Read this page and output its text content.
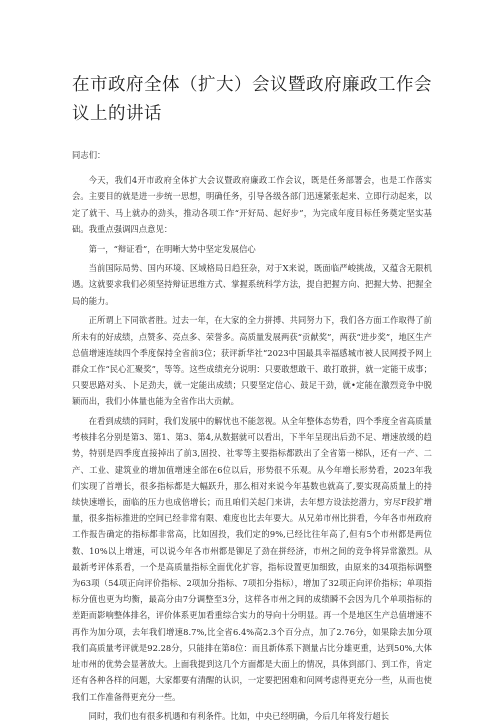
在市政府全体（扩大）会议暨政府廉政工作会议上的讲话

同志们：

今天，我们4开市政府全体扩大会议暨政府廉政工作会议，既是任务部署会，也是工作落实会。主要目的就是进一步统一思想，明确任务，引导各级各部门迅速紧张起来、立即行动起来，以定了就干、马上就办的劲头，推动各项工作“开好局、起好步”，为完成年度目标任务奠定坚实基础。我重点强调四点意见：

第一，“辩证看”，在明晰大势中坚定发展信心

当前国际局势、国内环境、区域格局日趋狂杂，对于X来说，既面临严峻挑战，又蕴含无限机遇。这就要求我们必须坚持辩证思维方式、掌握系统科学方法，提自把握方向、把握大势、把握全局的能力。

正所谓上下同欲者胜。过去一年，在大家的全力拼搏、共同努力下，我们各方面工作取得了前所未有的好成绩，点赞多、亮点多、荣誉多。高质量发展两获“贡献奖”，两获“进步奖”，地区生产总值增速连续四个季度保持全省前3位；获评新华社“2023中国最具幸福感城市被人民网授予网上群众工作“民心汇聚奖”，等等。这些成绩充分说明：只要敢想敢干、敢打敢拼，就一定能干成事；只要思路对头、卜足劲夫，就一定能出成绩；只要坚定信心、鼓足干劲，就•定能在激烈竞争中脱颖而出，我们小体量也能为全省作出大贡献。

在看到成绩的同时，我们发展中的解忧也不能忽视。从全年整体态势看，四个季度全省高质量考核排名分别是第3、第1、第3、第4,从数据就可以看出，下半年呈现出后劲不足、增速放缓的趋势，特别是四季度直接掉出了前3,固投、社零等主要指标都跌出了全省第一梯队，还有一产、二产、工业、建筑业的增加值增速全部在6位以后，形势很不乐观。从今年增长形势看，2023年我们实现了首增长，很多指标都是大幅跃升，那么相对来说今年基数也就高了,要实现高质量上的持续快速增长，面临的压力也成倍增长；而且咱们关起门来讲，去年想方设法挖潜力，穷尽F段扩增量，很多指标推进的空间已经非常有限、难度也比去年要大。从兄弟市州比拼看，今年各市州政府工作报告确定的指标都非常高，比如固投，我们定的9%,已经比往年高了,但有5个市州都是两位数、10%以上增速，可以说今年各市州都是铆足了劲在拼经济，市州之间的竞争将异常激烈。从最新考评体系看，一个是高质量指标全面优化扩容，指标设置更加细致，由原来的34项指标调整为63项（54项正向评价指标、2项加分指标、7项扣分指标），增加了32项正向评价指标；单项指标分值也更为均衡，最高分由7分调整至3分，这样各市州之间的成绩瞬不会因为几个单项指标的差距而影响整体排名，评价体系更加看重综合实力的导向十分明显。再一个是地区生产总值增速不再作为加分项，去年我们增速8.7%,比全省6.4%高2.3个百分点，加了2.76分，如果除去加分项我们高质量考评就是92.28分，只能排在第8位：而且新体系下测量占比分雄更重，达到50%,大体址市州的优势会显著放大。上面我提到这几个方面都是大面上的情况，具体到部门、到工作，肯定还有各种各样的问题，大家都要有清醒的认识，一定要把困难和问网考虑得更充分一些，从而也使我们工作准备得更充分一些。

同时，我们也有很多机遇和有利条件。比如，中央已经明确，今后几年将发行超长
